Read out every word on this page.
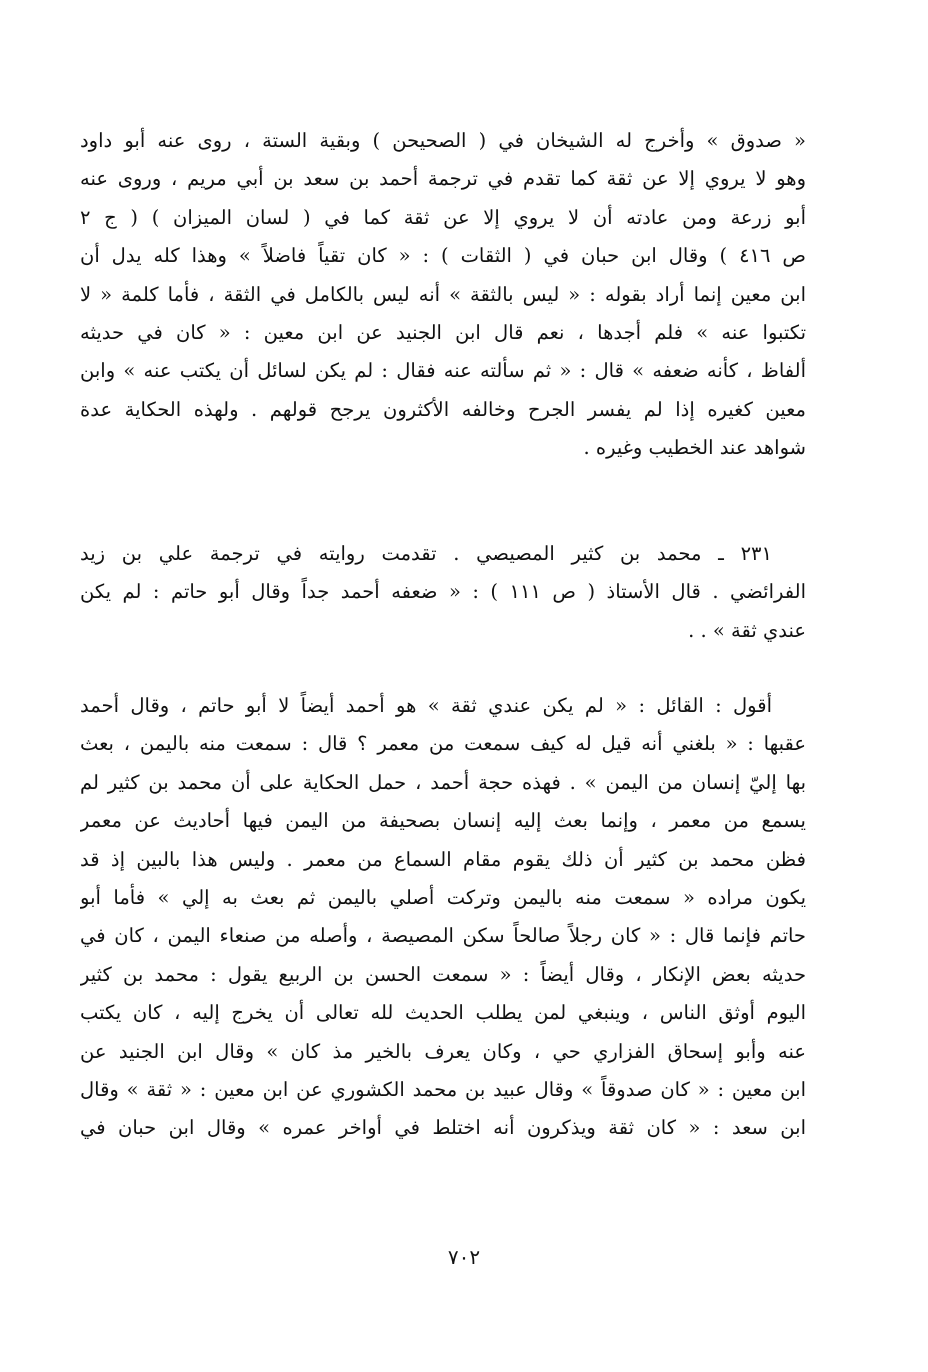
« صدوق » وأخرج له الشيخان في ( الصحيحن ) وبقية الستة ، روى عنه أبو داود
وهو لا يروي إلا عن ثقة كما تقدم في ترجمة أحمد بن سعد بن أبي مريم ، وروى عنه
أبو زرعة ومن عادته أن لا يروي إلا عن ثقة كما في ( لسان الميزان ) ( ج ٢
ص ٤١٦ ) وقال ابن حبان في ( الثقات ) : « كان تقياً فاضلاً » وهذا كله يدل أن
ابن معين إنما أراد بقوله : « ليس بالثقة » أنه ليس بالكامل في الثقة ، فأما كلمة « لا
تكتبوا عنه » فلم أجدها ، نعم قال ابن الجنيد عن ابن معين : « كان في حديثه
ألفاظ ، كأنه ضعفه » قال : « ثم سألته عنه فقال : لم يكن لسائل أن يكتب عنه » وابن
معين كغيره إذا لم يفسر الجرح وخالفه الأكثرون يرجح قولهم . ولهذه الحكاية عدة
شواهد عند الخطيب وغيره .
٢٣١ ـ محمد بن كثير المصيصي . تقدمت روايته في ترجمة علي بن زيد
الفرائضي . قال الأستاذ ( ص ١١١ ) : « ضعفه أحمد جداً وقال أبو حاتم : لم يكن
عندي ثقة » . .
أقول : القائل : « لم يكن عندي ثقة » هو أحمد أيضاً لا أبو حاتم ، وقال أحمد
عقبها : « بلغني أنه قيل له كيف سمعت من معمر ؟ قال : سمعت منه باليمن ، بعث
بها إليّ إنسان من اليمن » . فهذه حجة أحمد ، حمل الحكاية على أن محمد بن كثير لم
يسمع من معمر ، وإنما بعث إليه إنسان بصحيفة من اليمن فيها أحاديث عن معمر
فظن محمد بن كثير أن ذلك يقوم مقام السماع من معمر . وليس هذا بالبين إذ قد
يكون مراده « سمعت منه باليمن وتركت أصلي باليمن ثم بعث به إلي » فأما أبو
حاتم فإنما قال : « كان رجلاً صالحاً سكن المصيصة ، وأصله من صنعاء اليمن ، كان في
حديثه بعض الإنكار ، وقال أيضاً : « سمعت الحسن بن الربيع يقول : محمد بن كثير
اليوم أوثق الناس ، وينبغي لمن يطلب الحديث لله تعالى أن يخرج إليه ، كان يكتب
عنه وأبو إسحاق الفزاري حي ، وكان يعرف بالخير مذ كان » وقال ابن الجنيد عن
ابن معين : « كان صدوقاً » وقال عبيد بن محمد الكشوري عن ابن معين : « ثقة » وقال
ابن سعد : « كان ثقة ويذكرون أنه اختلط في أواخر عمره » وقال ابن حبان في
٧٠٢
